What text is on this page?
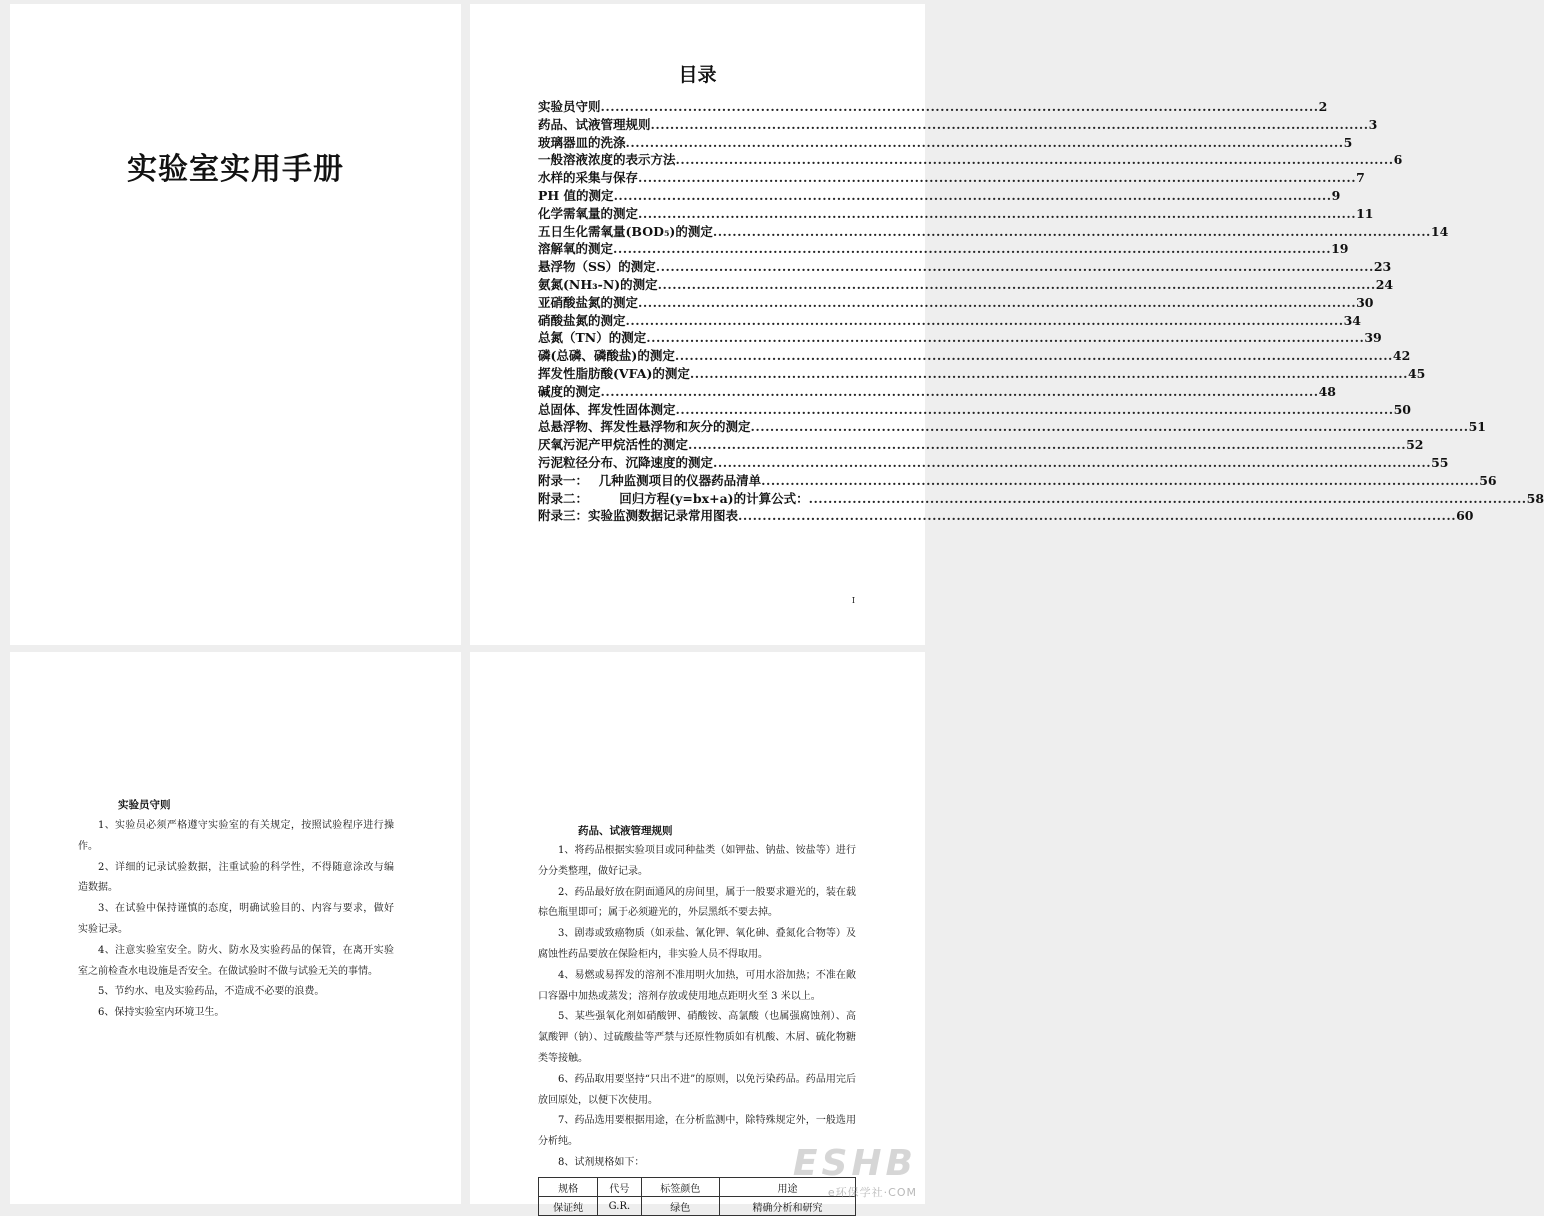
实验室实用手册
目录
实验员守则 .....	2
药品、试液管理规则 .....	3
玻璃器皿的洗涤 .....	5
一般溶液浓度的表示方法 .....	6
水样的采集与保存 .....	7
PH 值的测定 .....	9
化学需氧量的测定 .....	11
五日生化需氧量(BOD₅)的测定 .....	14
溶解氧的测定 .....	19
悬浮物（SS）的测定 .....	23
氨氮(NH₃-N)的测定 .....	24
亚硝酸盐氮的测定 .....	30
硝酸盐氮的测定 .....	34
总氮（TN）的测定 .....	39
磷(总磷、磷酸盐)的测定 .....	42
挥发性脂肪酸(VFA)的测定 .....	45
碱度的测定 .....	48
总固体、挥发性固体测定 .....	50
总悬浮物、挥发性悬浮物和灰分的测定 .....	51
厌氧污泥产甲烷活性的测定 .....	52
污泥粒径分布、沉降速度的测定 .....	55
附录一：　 几种监测项目的仪器药品清单 .....	56
附录二：　　　回归方程(y=bx+a)的计算公式： .....	58
附录三：实验监测数据记录常用图表 .....	60
I
实验员守则

1、实验员必须严格遵守实验室的有关规定，按照试验程序进行操作。

2、详细的记录试验数据，注重试验的科学性，不得随意涂改与编造数据。

3、在试验中保持谨慎的态度，明确试验目的、内容与要求，做好实验记录。

4、注意实验室安全。防火、防水及实验药品的保管，在离开实验室之前检查水电设施是否安全。在做试验时不做与试验无关的事情。

5、节约水、电及实验药品，不造成不必要的浪费。

6、保持实验室内环境卫生。

药品、试液管理规则

1、将药品根据实验项目或同种盐类（如钾盐、钠盐、铵盐等）进行分分类整理，做好记录。

2、药品最好放在阴面通风的房间里，属于一般要求避光的，装在载棕色瓶里即可；属于必须避光的，外层黑纸不要去掉。

3、剧毒或致癌物质（如汞盐、氰化钾、氧化砷、叠氮化合物等）及腐蚀性药品要放在保险柜内，非实验人员不得取用。

4、易燃或易挥发的溶剂不准用明火加热，可用水浴加热；不准在敞口容器中加热或蒸发；溶剂存放或使用地点距明火至 3 米以上。

5、某些强氧化剂如硝酸钾、硝酸铵、高氯酸（也属强腐蚀剂）、高氯酸钾（钠）、过硫酸盐等严禁与还原性物质如有机酸、木屑、硫化物糖类等接触。

6、药品取用要坚持“只出不进”的原则，以免污染药品。药品用完后放回原处，以便下次使用。

7、药品选用要根据用途，在分析监测中，除特殊规定外，一般选用分析纯。

8、试剂规格如下：

规格	代号	标签颜色	用途
保证纯	G.R.	绿色	精确分析和研究
ESHB
e环保学社·COM
